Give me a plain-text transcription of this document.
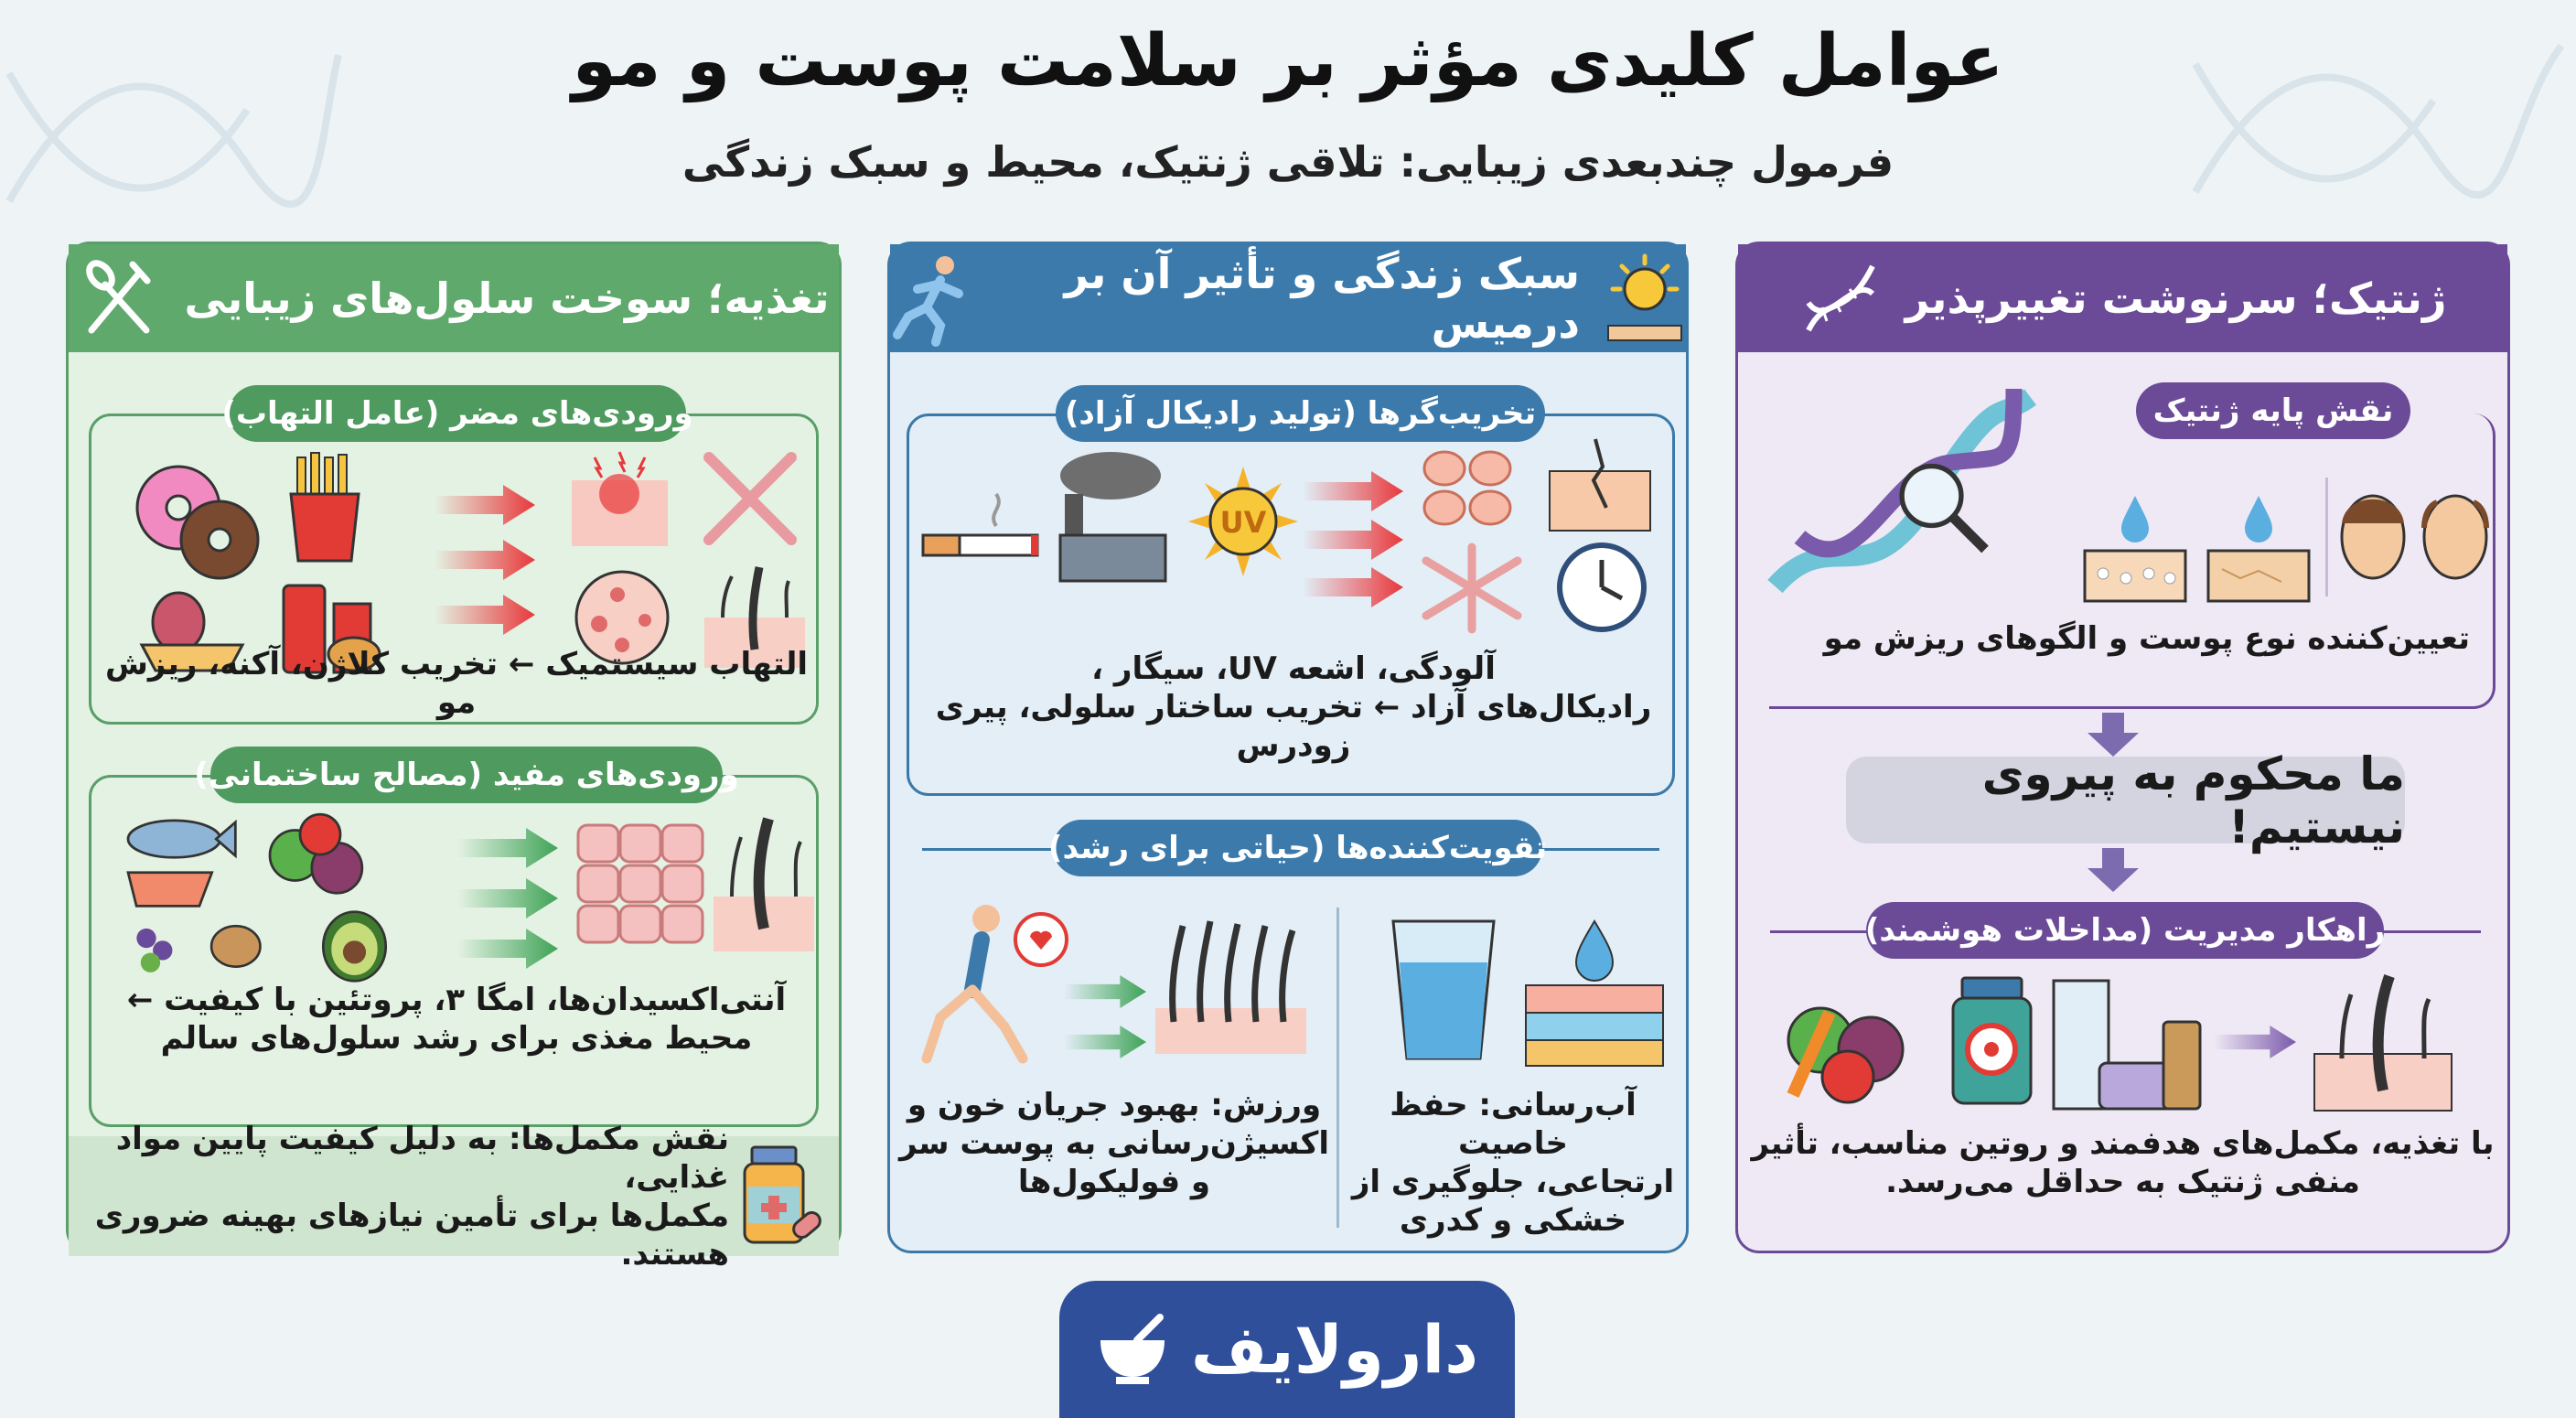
عوامل کلیدی مؤثر بر سلامت پوست و مو
فرمول چندبعدی زیبایی: تلاقی ژنتیک، محیط و سبک زندگی
تغذیه؛ سوخت سلول‌های زیبایی
ورودی‌های مضر (عامل التهاب)
التهاب سیستمیک ← تخریب کلاژن، آکنه، ریزش مو
ورودی‌های مفید (مصالح ساختمانی)
آنتی‌اکسیدان‌ها، امگا ۳، پروتئین با کیفیت ←
محیط مغذی برای رشد سلول‌های سالم
نقش مکمل‌ها: به دلیل کیفیت پایین مواد غذایی،
مکمل‌ها برای تأمین نیازهای بهینه ضروری هستند.
سبک زندگی و تأثیر آن بر درمیس
تخریب‌گرها (تولید رادیکال آزاد)
UV
آلودگی، اشعه UV، سیگار ،
رادیکال‌های آزاد ← تخریب ساختار سلولی، پیری زودرس
تقویت‌کننده‌ها (حیاتی برای رشد)
ورزش: بهبود جریان خون و
اکسیژن‌رسانی به پوست سر
و فولیکول‌ها
آب‌رسانی: حفظ خاصیت
ارتجاعی، جلوگیری از
خشکی و کدری
ژنتیک؛ سرنوشت تغییرپذیر
نقش پایه ژنتیک
تعیین‌کننده نوع پوست و الگوهای ریزش مو
ما محکوم به پیروی نیستیم!
راهکار مدیریت (مداخلات هوشمند)
با تغذیه، مکمل‌های هدفمند و روتین مناسب، تأثیر
منفی ژنتیک به حداقل می‌رسد.
دارولایف
